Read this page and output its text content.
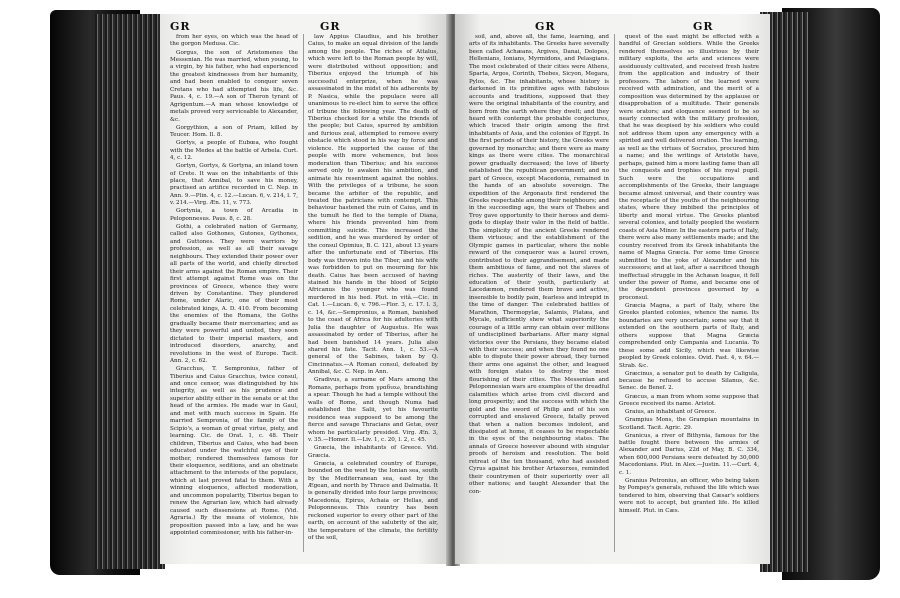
GR	GR

from her eyes, on which was the head of the gorgon Medusa. Cic.

Gorgus, the son of Aristomenes the Messenian. He was married, when young, to a virgin, by his father, who had experienced the greatest kindnesses from her humanity, and had been enabled to conquer seven Cretans who had attempted his life, &c. Paus. 4, c. 19.—A son of Theron tyrant of Agrigentum.—A man whose knowledge of metals proved very serviceable to Alexander, &c.

Gorgythion, a son of Priam, killed by Teucer. Hom. Il. 8.

Gortys, a people of Eubœa, who fought with the Medes at the battle of Arbela. Curt. 4, c. 12.

Gortyn, Gortys, & Gortyna, an inland town of Crete. It was on the inhabitants of this place, that Annibal, to save his money, practised an artifice recorded in C. Nep. in Ann. 9.—Plin. 4, c. 12.—Lucan. 6, v. 214, l. 7, v. 214.—Virg. Æn. 11, v. 773.

Gortynia, a town of Arcadia in Peloponnesus. Paus. 8, c. 28.

Gothi, a celebrated nation of Germany, called also Gothones, Gutones, Gythones, and Guttones. They were warriors by profession, as well as all their savage neighbours. They extended their power over all parts of the world, and chiefly directed their arms against the Roman empire. Their first attempt against Rome was on the provinces of Greece, whence they were driven by Constantine. They plundered Rome, under Alaric, one of their most celebrated kings, A. D. 410. From becoming the enemies of the Romans, the Goths gradually became their mercenaries; and as they were powerful and united, they soon dictated to their imperial masters, and introduced disorders, anarchy, and revolutions in the west of Europe. Tacit. Ann. 2, c. 62.

Gracchus, T. Sempronius, father of Tiberius and Caius Gracchus, twice consul, and once censor, was distinguished by his integrity, as well as his prudence and superior ability either in the senate or at the head of the armies. He made war in Gaul, and met with much success in Spain. He married Sempronia, of the family of the Scipio's, a woman of great virtue, piety, and learning. Cic. de Orat. 1, c. 48. Their children, Tiberius and Caius, who had been educated under the watchful eye of their mother, rendered themselves famous for their eloquence, seditions, and an obstinate attachment to the interests of the populace, which at last proved fatal to them. With a winning eloquence, affected moderation, and uncommon popularity, Tiberius began to renew the Agrarian law, which had already caused such dissensions at Rome. (Vid. Agraria.) By the means of violence, his proposition passed into a law, and he was appointed commissioner, with his father-in-

law Appius Claudius, and his brother Caius, to make an equal division of the lands among the people. The riches of Attalus, which were left to the Roman people by will, were distributed without opposition; and Tiberius enjoyed the triumph of his successful enterprize, when he was assassinated in the midst of his adherents by P. Nasica, while the populace were all unanimous to re-elect him to serve the office of tribune the following year. The death of Tiberius checked for a while the friends of the people; but Caius, spurred by ambition and furious zeal, attempted to remove every obstacle which stood in his way by force and violence. He supported the cause of the people with more vehemence, but less moderation than Tiberius; and his success served only to awaken his ambition, and animate his resentment against the nobles. With the privileges of a tribune, he soon became the arbiter of the republic, and treated the patricians with contempt. This behaviour hastened the ruin of Caius, and in the tumult he fled to the temple of Diana, where his friends prevented him from committing suicide. This increased the sedition, and he was murdered by order of the consul Opimius, B. C. 121, about 13 years after the unfortunate end of Tiberius. His body was thrown into the Tiber, and his wife was forbidden to put on mourning for his death. Caius has been accused of having stained his hands in the blood of Scipio Africanus the younger who was found murdered in his bed. Plut. in vitâ.—Cic. in Cat. 1.—Lucan. 6, v. 796.—Flor. 3, c. 17. l. 3, c. 14, &c.—Sempronius, a Roman, banished to the coast of Africa for his adulteries with Julia the daughter of Augustus. He was assassinated by order of Tiberius, after he had been banished 14 years. Julia also shared his fate. Tacit. Ann. 1, c. 53.—A general of the Sabines, taken by Q. Cincinnatus.—A Roman consul, defeated by Annibal, &c. C. Nep. in Ann.

Gradivus, a surname of Mars among the Romans, perhaps from γραδιεω, brandishing a spear. Though he had a temple without the walls of Rome, and though Numa had established the Salii, yet his favourite residence was supposed to be among the fierce and savage Thracians and Getæ, over whom he particularly presided. Virg. Æn. 3, v. 35.—Homer. Il.—Liv. 1, c. 20, l. 2, c. 45.

Græcia, the inhabitants of Greece. Vid. Græcia.

Græcia, a celebrated country of Europe, bounded on the west by the Ionian sea, south by the Mediterranean sea, east by the Ægean, and north by Thrace and Dalmatia. It is generally divided into four large provinces; Macedonia, Epirus, Achaia or Hellas, and Peloponnesus. This country has been reckoned superior to every other part of the earth, on account of the salubrity of the air, the temperature of the climate, the fertility of the soil,

GR	GR

soil, and, above all, the fame, learning, and arts of its inhabitants. The Greeks have severally been called Achæans, Argives, Danai, Dolopes, Hellenians, Ionians, Myrmidons, and Pelasgians. The most celebrated of their cities were Athens, Sparta, Argos, Corinth, Thebes, Sicyon, Megara, Pylos, &c. The inhabitants, whose history is darkened in its primitive ages with fabulous accounts and traditions, supposed that they were the original inhabitants of the country, and born from the earth where they dwelt; and they heard with contempt the probable conjectures, which traced their origin among the first inhabitants of Asia, and the colonies of Egypt. In the first periods of their history, the Greeks were governed by monarchs; and there were as many kings as there were cities. The monarchical power gradually decreased; the love of liberty established the republican government; and no part of Greece, except Macedonia, remained in the hands of an absolute sovereign. The expedition of the Argonauts first rendered the Greeks respectable among their neighbours; and in the succeeding age, the wars of Thebes and Troy gave opportunity to their heroes and demi-gods to display their valor in the field of battle. The simplicity of the ancient Greeks rendered them virtuous; and the establishment of the Olympic games in particular, where the noble reward of the conqueror was a laurel crown, contributed to their aggrandisement, and made them ambitious of fame, and not the slaves of riches. The austerity of their laws, and the education of their youth, particularly at Lacedæmon, rendered them brave and active, insensible to bodily pain, fearless and intrepid in the time of danger. The celebrated battles of Marathon, Thermopylæ, Salamis, Platæa, and Mycale, sufficiently shew what superiority the courage of a little army can obtain over millions of undisciplined barbarians. After many signal victories over the Persians, they became elated with their success; and when they found no one able to dispute their power abroad, they turned their arms one against the other, and leagued with foreign states to destroy the most flourishing of their cities. The Messenian and Peloponnesian wars are examples of the dreadful calamities which arise from civil discord and long prosperity; and the success with which the gold and the sword of Philip and of his son corrupted and enslaved Greece, fatally proved that when a nation becomes indolent, and dissipated at home, it ceases to be respectable in the eyes of the neighbouring states. The annals of Greece however abound with singular proofs of heroism and resolution. The bold retreat of the ten thousand, who had assisted Cyrus against his brother Artaxerxes, reminded their countrymen of their superiority over all other nations; and taught Alexander that the con-

quest of the east might be effected with a handful of Grecian soldiers. While the Greeks rendered themselves so illustrious by their military exploits, the arts and sciences were assiduously cultivated, and received fresh lustre from the application and industry of their professors. The labors of the learned were received with admiration, and the merit of a composition was determined by the applause or disapprobation of a multitude. Their generals were orators; and eloquence seemed to be so nearly connected with the military profession, that he was despised by his soldiers who could not address them upon any emergency with a spirited and well delivered oration. The learning, as well as the virtues of Socrates, procured him a name; and the writings of Aristotle have, perhaps, gained him a more lasting fame than all the conquests and trophies of his royal pupil. Such were the occupations and accomplishments of the Greeks, their language became almost universal, and their country was the receptacle of the youths of the neighbouring states, where they imbibed the principles of liberty and moral virtue. The Greeks planted several colonies, and totally peopled the western coasts of Asia Minor. In the eastern parts of Italy, there were also many settlements made; and the country received from its Greek inhabitants the name of Magna Græcia. For some time Greece submitted to the yoke of Alexander and his successors; and at last, after a sacrificed though ineffectual struggle in the Achæan league, it fell under the power of Rome, and became one of the dependent provinces governed by a proconsul.

Græcia Magna, a part of Italy, where the Greeks planted colonies, whence the name. Its boundaries are very uncertain; some say that it extended on the southern parts of Italy, and others suppose that Magna Græcia comprehended only Campania and Lucania. To these some add Sicily, which was likewise peopled by Greek colonies. Ovid. Fast. 4, v. 64.—Strab. &c.

Græcinus, a senator put to death by Caligula, because he refused to accuse Silanus, &c. Senec. de Benef. 2.

Græcus, a man from whom some suppose that Greece received its name. Aristot.

Graius, an inhabitant of Greece.

Grampius Mons, the Grampian mountains in Scotland. Tacit. Agric. 29.

Granicus, a river of Bithynia, famous for the battle fought there between the armies of Alexander and Darius, 22d of May, B. C. 334, when 600,000 Persians were defeated by 30,000 Macedonians. Plut. in Alex.—Justin. 11.—Curt. 4, c. 1.

Granius Petronius, an officer, who being taken by Pompey's generals, refused the life which was tendered to him, observing that Cæsar's soldiers were not to accept, but granted life. He killed himself. Plut. in Cæs.
